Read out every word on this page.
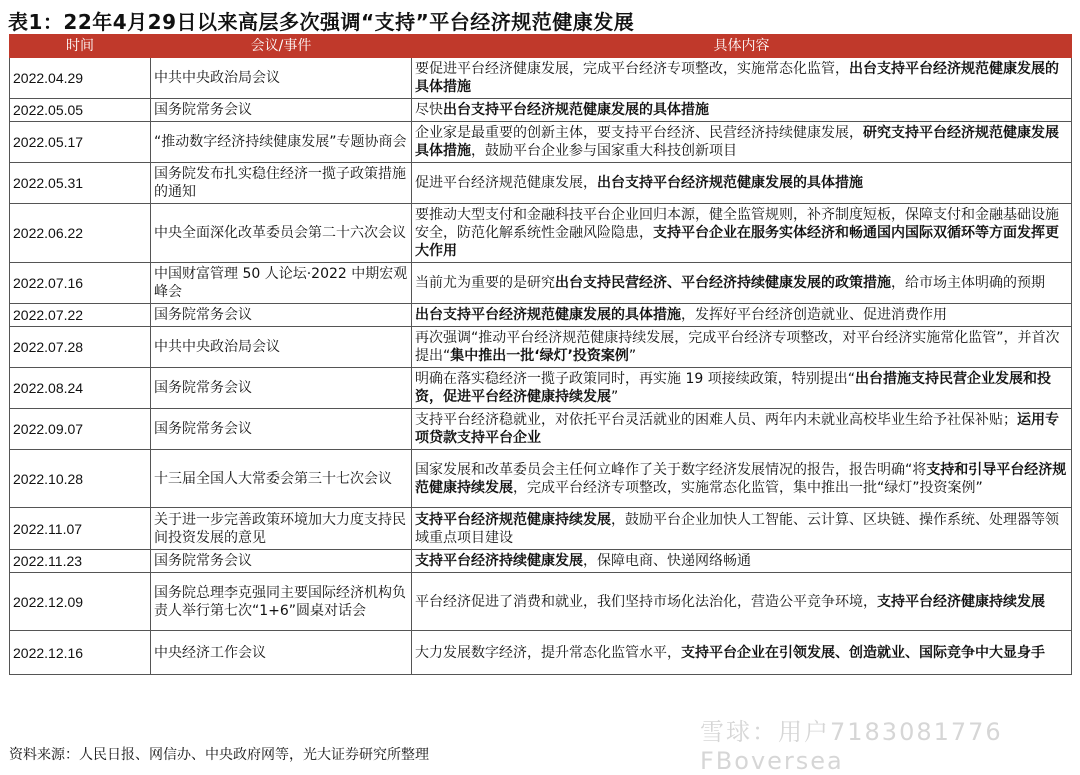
表1：22年4月29日以来高层多次强调“支持”平台经济规范健康发展
时间	会议/事件	具体内容
2022.04.29	中共中央政治局会议	要促进平台经济健康发展，完成平台经济专项整改，实施常态化监管，出台支持平台经济规范健康发展的具体措施
2022.05.05	国务院常务会议	尽快出台支持平台经济规范健康发展的具体措施
2022.05.17	“推动数字经济持续健康发展”专题协商会	企业家是最重要的创新主体，要支持平台经济、民营经济持续健康发展，研究支持平台经济规范健康发展具体措施，鼓励平台企业参与国家重大科技创新项目
2022.05.31	国务院发布扎实稳住经济一揽子政策措施的通知	促进平台经济规范健康发展，出台支持平台经济规范健康发展的具体措施
2022.06.22	中央全面深化改革委员会第二十六次会议	要推动大型支付和金融科技平台企业回归本源，健全监管规则，补齐制度短板，保障支付和金融基础设施安全，防范化解系统性金融风险隐患，支持平台企业在服务实体经济和畅通国内国际双循环等方面发挥更大作用
2022.07.16	中国财富管理 50 人论坛·2022 中期宏观峰会	当前尤为重要的是研究出台支持民营经济、平台经济持续健康发展的政策措施，给市场主体明确的预期
2022.07.22	国务院常务会议	出台支持平台经济规范健康发展的具体措施，发挥好平台经济创造就业、促进消费作用
2022.07.28	中共中央政治局会议	再次强调“推动平台经济规范健康持续发展，完成平台经济专项整改，对平台经济实施常化监管”，并首次提出“集中推出一批‘绿灯’投资案例”
2022.08.24	国务院常务会议	明确在落实稳经济一揽子政策同时，再实施 19 项接续政策，特别提出“出台措施支持民营企业发展和投资，促进平台经济健康持续发展”
2022.09.07	国务院常务会议	支持平台经济稳就业，对依托平台灵活就业的困难人员、两年内未就业高校毕业生给予社保补贴；运用专项贷款支持平台企业
2022.10.28	十三届全国人大常委会第三十七次会议	国家发展和改革委员会主任何立峰作了关于数字经济发展情况的报告，报告明确“将支持和引导平台经济规范健康持续发展，完成平台经济专项整改，实施常态化监管，集中推出一批“绿灯”投资案例”
2022.11.07	关于进一步完善政策环境加大力度支持民间投资发展的意见	支持平台经济规范健康持续发展，鼓励平台企业加快人工智能、云计算、区块链、操作系统、处理器等领域重点项目建设
2022.11.23	国务院常务会议	支持平台经济持续健康发展，保障电商、快递网络畅通
2022.12.09	国务院总理李克强同主要国际经济机构负责人举行第七次“1+6”圆桌对话会	平台经济促进了消费和就业，我们坚持市场化法治化，营造公平竞争环境，支持平台经济健康持续发展
2022.12.16	中央经济工作会议	大力发展数字经济，提升常态化监管水平，支持平台企业在引领发展、创造就业、国际竞争中大显身手
资料来源：人民日报、网信办、中央政府网等，光大证券研究所整理
雪球：用户7183081776 FBoversea
